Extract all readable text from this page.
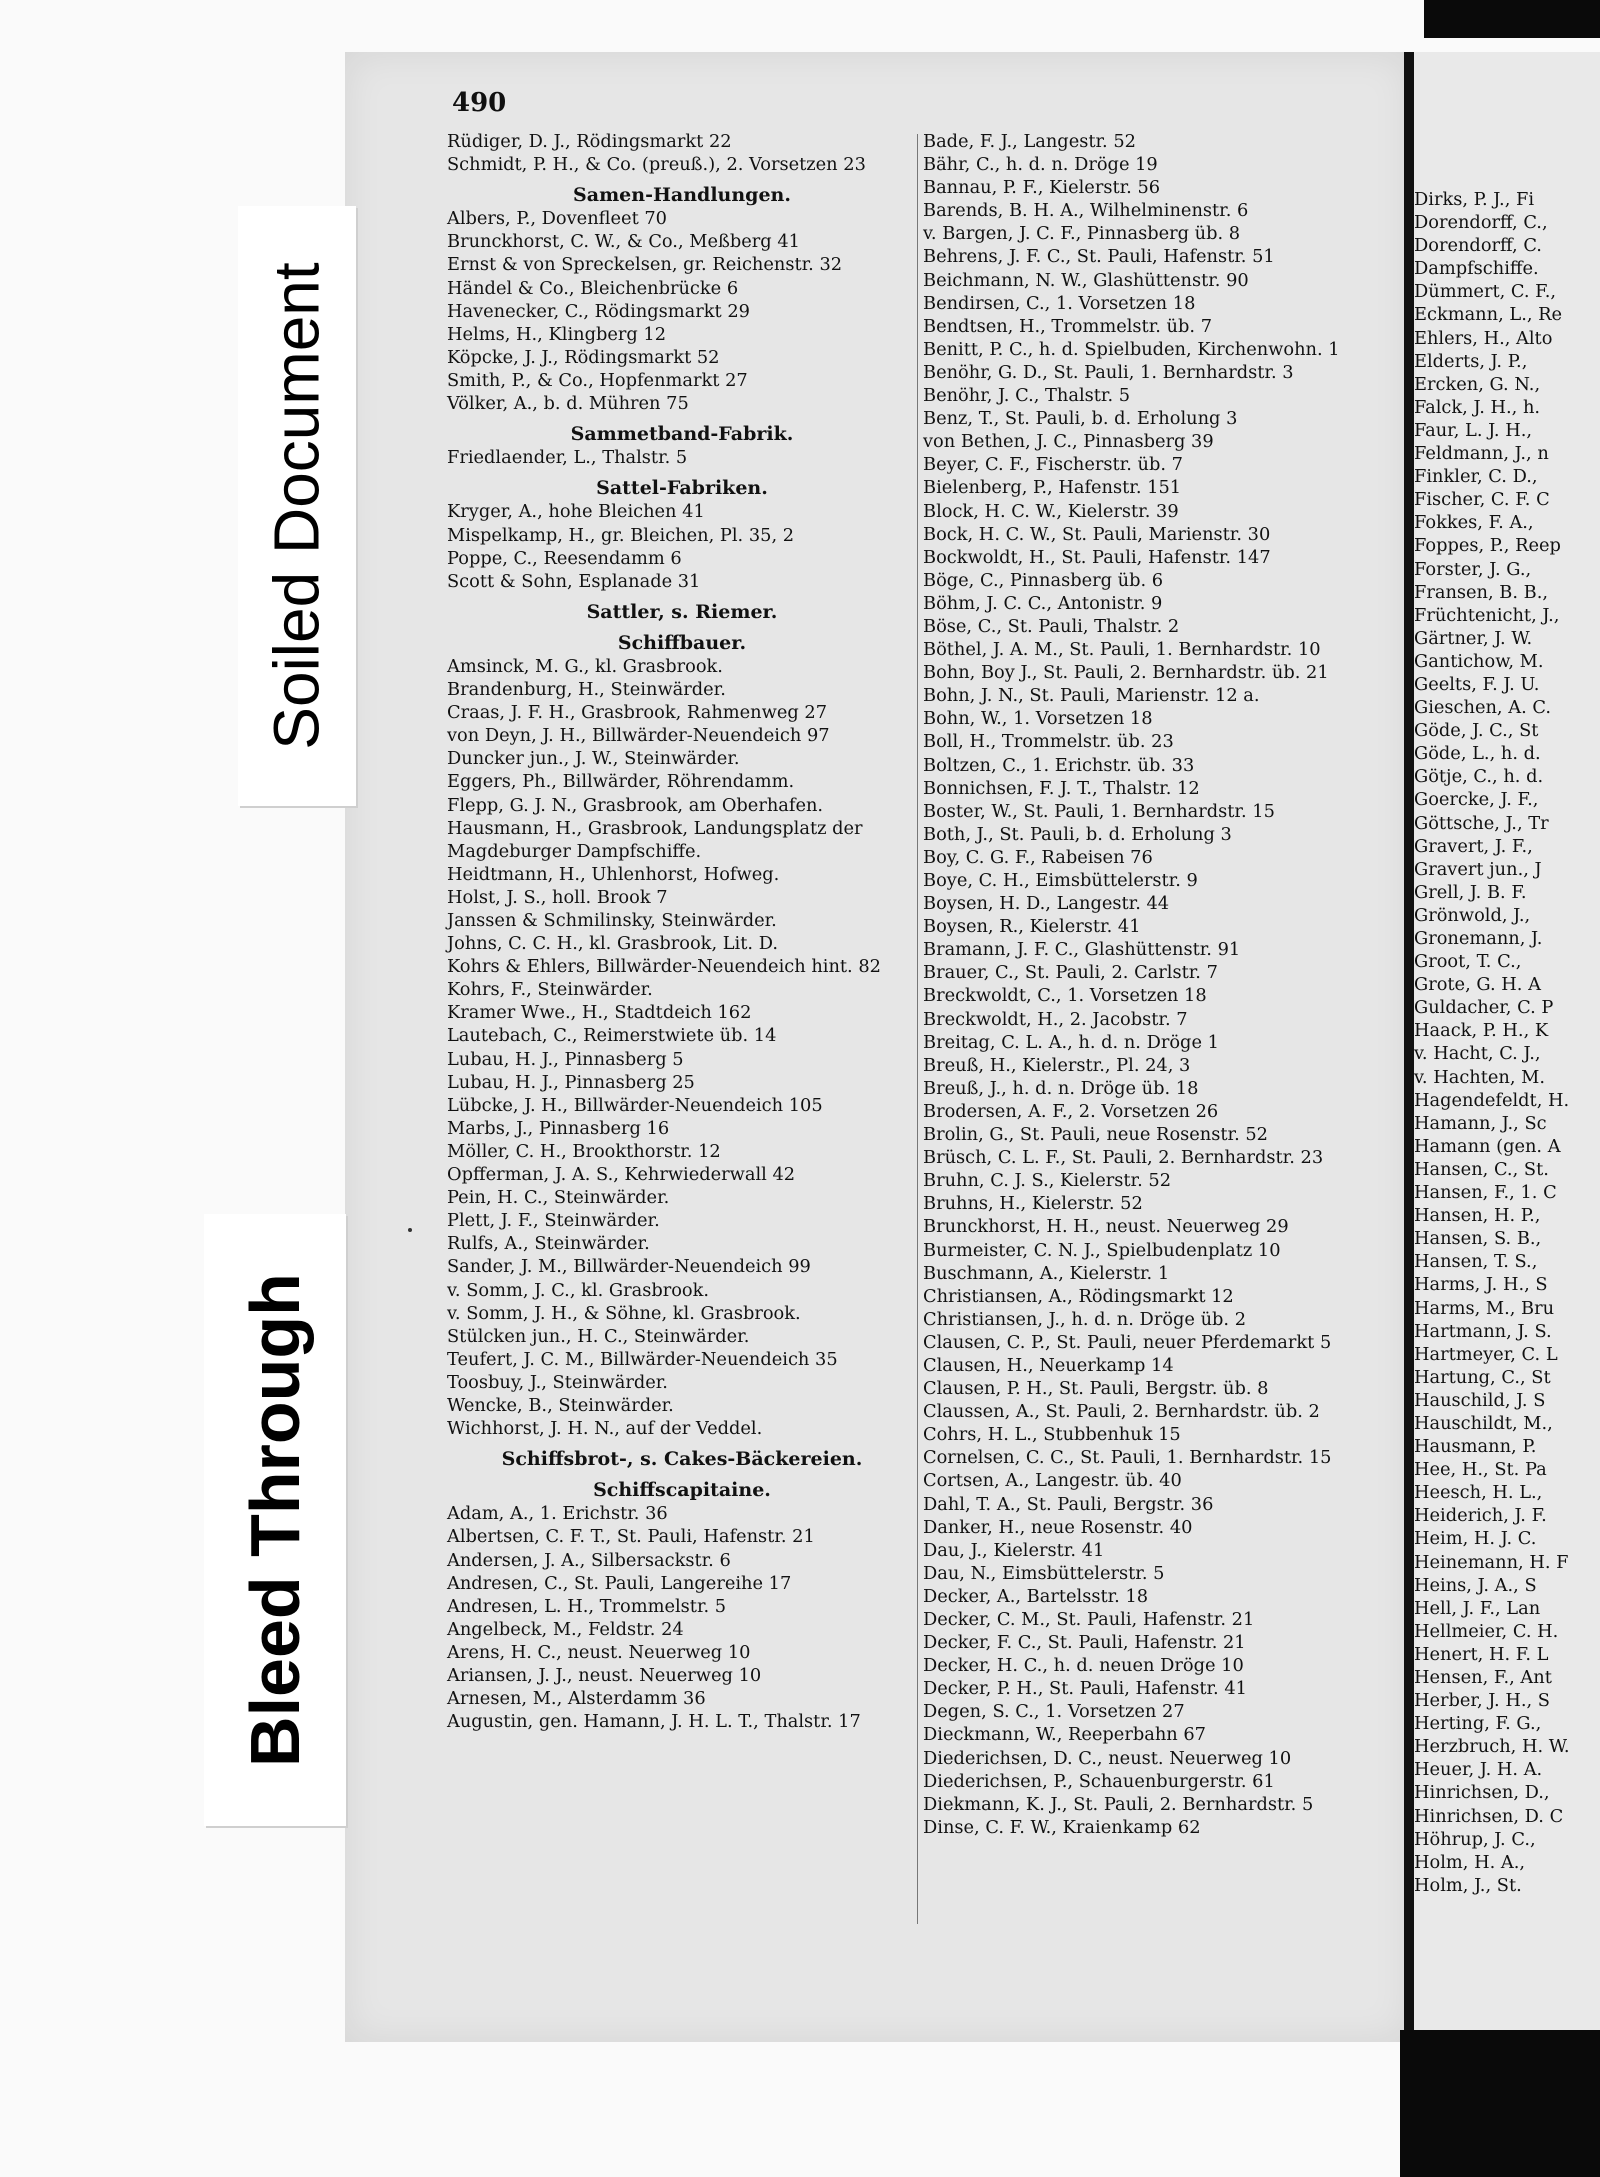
Dirks, P. J., Fi
Dorendorff, C.,
Dorendorff, C.
Dampfschiffe.
Dümmert, C. F.,
Eckmann, L., Re
Ehlers, H., Alto
Elderts, J. P.,
Ercken, G. N.,
Falck, J. H., h.
Faur, L. J. H.,
Feldmann, J., n
Finkler, C. D.,
Fischer, C. F. C
Fokkes, F. A.,
Foppes, P., Reep
Forster, J. G.,
Fransen, B. B.,
Früchtenicht, J.,
Gärtner, J. W.
Gantichow, M.
Geelts, F. J. U.
Gieschen, A. C.
Göde, J. C., St
Göde, L., h. d.
Götje, C., h. d.
Goercke, J. F.,
Göttsche, J., Tr
Gravert, J. F.,
Gravert jun., J
Grell, J. B. F.
Grönwold, J.,
Gronemann, J.
Groot, T. C.,
Grote, G. H. A
Guldacher, C. P
Haack, P. H., K
v. Hacht, C. J.,
v. Hachten, M.
Hagendefeldt, H.
Hamann, J., Sc
Hamann (gen. A
Hansen, C., St.
Hansen, F., 1. C
Hansen, H. P.,
Hansen, S. B.,
Hansen, T. S.,
Harms, J. H., S
Harms, M., Bru
Hartmann, J. S.
Hartmeyer, C. L
Hartung, C., St
Hauschild, J. S
Hauschildt, M.,
Hausmann, P.
Hee, H., St. Pa
Heesch, H. L.,
Heiderich, J. F.
Heim, H. J. C.
Heinemann, H. F
Heins, J. A., S
Hell, J. F., Lan
Hellmeier, C. H.
Henert, H. F. L
Hensen, F., Ant
Herber, J. H., S
Herting, F. G.,
Herzbruch, H. W.
Heuer, J. H. A.
Hinrichsen, D.,
Hinrichsen, D. C
Höhrup, J. C.,
Holm, H. A.,
Holm, J., St.
Soiled Document
Bleed Through
490
Rüdiger, D. J., Rödingsmarkt 22
Schmidt, P. H., & Co. (preuß.), 2. Vorsetzen 23
Samen-Handlungen.
Albers, P., Dovenfleet 70
Brunckhorst, C. W., & Co., Meßberg 41
Ernst & von Spreckelsen, gr. Reichenstr. 32
Händel & Co., Bleichenbrücke 6
Havenecker, C., Rödingsmarkt 29
Helms, H., Klingberg 12
Köpcke, J. J., Rödingsmarkt 52
Smith, P., & Co., Hopfenmarkt 27
Völker, A., b. d. Mühren 75
Sammetband-Fabrik.
Friedlaender, L., Thalstr. 5
Sattel-Fabriken.
Kryger, A., hohe Bleichen 41
Mispelkamp, H., gr. Bleichen, Pl. 35, 2
Poppe, C., Reesendamm 6
Scott & Sohn, Esplanade 31
Sattler, s. Riemer.
Schiffbauer.
Amsinck, M. G., kl. Grasbrook.
Brandenburg, H., Steinwärder.
Craas, J. F. H., Grasbrook, Rahmenweg 27
von Deyn, J. H., Billwärder-Neuendeich 97
Duncker jun., J. W., Steinwärder.
Eggers, Ph., Billwärder, Röhrendamm.
Flepp, G. J. N., Grasbrook, am Oberhafen.
Hausmann, H., Grasbrook, Landungsplatz der
Magdeburger Dampfschiffe.
Heidtmann, H., Uhlenhorst, Hofweg.
Holst, J. S., holl. Brook 7
Janssen & Schmilinsky, Steinwärder.
Johns, C. C. H., kl. Grasbrook, Lit. D.
Kohrs & Ehlers, Billwärder-Neuendeich hint. 82
Kohrs, F., Steinwärder.
Kramer Wwe., H., Stadtdeich 162
Lautebach, C., Reimerstwiete üb. 14
Lubau, H. J., Pinnasberg 5
Lubau, H. J., Pinnasberg 25
Lübcke, J. H., Billwärder-Neuendeich 105
Marbs, J., Pinnasberg 16
Möller, C. H., Brookthorstr. 12
Opfferman, J. A. S., Kehrwiederwall 42
Pein, H. C., Steinwärder.
Plett, J. F., Steinwärder.
Rulfs, A., Steinwärder.
Sander, J. M., Billwärder-Neuendeich 99
v. Somm, J. C., kl. Grasbrook.
v. Somm, J. H., & Söhne, kl. Grasbrook.
Stülcken jun., H. C., Steinwärder.
Teufert, J. C. M., Billwärder-Neuendeich 35
Toosbuy, J., Steinwärder.
Wencke, B., Steinwärder.
Wichhorst, J. H. N., auf der Veddel.
Schiffsbrot-, s. Cakes-Bäckereien.
Schiffscapitaine.
Adam, A., 1. Erichstr. 36
Albertsen, C. F. T., St. Pauli, Hafenstr. 21
Andersen, J. A., Silbersackstr. 6
Andresen, C., St. Pauli, Langereihe 17
Andresen, L. H., Trommelstr. 5
Angelbeck, M., Feldstr. 24
Arens, H. C., neust. Neuerweg 10
Ariansen, J. J., neust. Neuerweg 10
Arnesen, M., Alsterdamm 36
Augustin, gen. Hamann, J. H. L. T., Thalstr. 17
Bade, F. J., Langestr. 52
Bähr, C., h. d. n. Dröge 19
Bannau, P. F., Kielerstr. 56
Barends, B. H. A., Wilhelminenstr. 6
v. Bargen, J. C. F., Pinnasberg üb. 8
Behrens, J. F. C., St. Pauli, Hafenstr. 51
Beichmann, N. W., Glashüttenstr. 90
Bendirsen, C., 1. Vorsetzen 18
Bendtsen, H., Trommelstr. üb. 7
Benitt, P. C., h. d. Spielbuden, Kirchenwohn. 1
Benöhr, G. D., St. Pauli, 1. Bernhardstr. 3
Benöhr, J. C., Thalstr. 5
Benz, T., St. Pauli, b. d. Erholung 3
von Bethen, J. C., Pinnasberg 39
Beyer, C. F., Fischerstr. üb. 7
Bielenberg, P., Hafenstr. 151
Block, H. C. W., Kielerstr. 39
Bock, H. C. W., St. Pauli, Marienstr. 30
Bockwoldt, H., St. Pauli, Hafenstr. 147
Böge, C., Pinnasberg üb. 6
Böhm, J. C. C., Antonistr. 9
Böse, C., St. Pauli, Thalstr. 2
Böthel, J. A. M., St. Pauli, 1. Bernhardstr. 10
Bohn, Boy J., St. Pauli, 2. Bernhardstr. üb. 21
Bohn, J. N., St. Pauli, Marienstr. 12 a.
Bohn, W., 1. Vorsetzen 18
Boll, H., Trommelstr. üb. 23
Boltzen, C., 1. Erichstr. üb. 33
Bonnichsen, F. J. T., Thalstr. 12
Boster, W., St. Pauli, 1. Bernhardstr. 15
Both, J., St. Pauli, b. d. Erholung 3
Boy, C. G. F., Rabeisen 76
Boye, C. H., Eimsbüttelerstr. 9
Boysen, H. D., Langestr. 44
Boysen, R., Kielerstr. 41
Bramann, J. F. C., Glashüttenstr. 91
Brauer, C., St. Pauli, 2. Carlstr. 7
Breckwoldt, C., 1. Vorsetzen 18
Breckwoldt, H., 2. Jacobstr. 7
Breitag, C. L. A., h. d. n. Dröge 1
Breuß, H., Kielerstr., Pl. 24, 3
Breuß, J., h. d. n. Dröge üb. 18
Brodersen, A. F., 2. Vorsetzen 26
Brolin, G., St. Pauli, neue Rosenstr. 52
Brüsch, C. L. F., St. Pauli, 2. Bernhardstr. 23
Bruhn, C. J. S., Kielerstr. 52
Bruhns, H., Kielerstr. 52
Brunckhorst, H. H., neust. Neuerweg 29
Burmeister, C. N. J., Spielbudenplatz 10
Buschmann, A., Kielerstr. 1
Christiansen, A., Rödingsmarkt 12
Christiansen, J., h. d. n. Dröge üb. 2
Clausen, C. P., St. Pauli, neuer Pferdemarkt 5
Clausen, H., Neuerkamp 14
Clausen, P. H., St. Pauli, Bergstr. üb. 8
Claussen, A., St. Pauli, 2. Bernhardstr. üb. 2
Cohrs, H. L., Stubbenhuk 15
Cornelsen, C. C., St. Pauli, 1. Bernhardstr. 15
Cortsen, A., Langestr. üb. 40
Dahl, T. A., St. Pauli, Bergstr. 36
Danker, H., neue Rosenstr. 40
Dau, J., Kielerstr. 41
Dau, N., Eimsbüttelerstr. 5
Decker, A., Bartelsstr. 18
Decker, C. M., St. Pauli, Hafenstr. 21
Decker, F. C., St. Pauli, Hafenstr. 21
Decker, H. C., h. d. neuen Dröge 10
Decker, P. H., St. Pauli, Hafenstr. 41
Degen, S. C., 1. Vorsetzen 27
Dieckmann, W., Reeperbahn 67
Diederichsen, D. C., neust. Neuerweg 10
Diederichsen, P., Schauenburgerstr. 61
Diekmann, K. J., St. Pauli, 2. Bernhardstr. 5
Dinse, C. F. W., Kraienkamp 62
